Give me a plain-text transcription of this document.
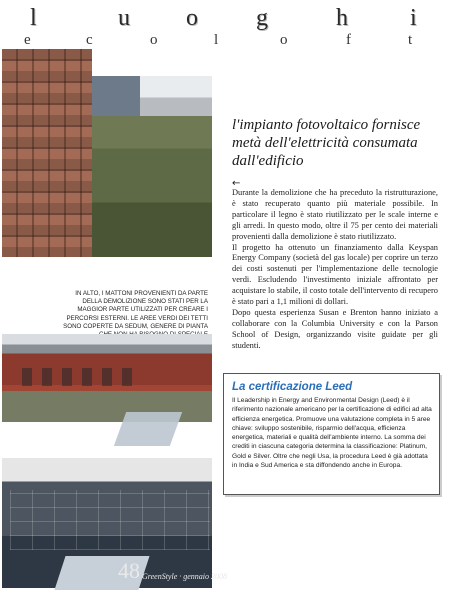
l	u o g	h	i
e	c	o	l	o	f	t
IN ALTO, I MATTONI PROVENIENTI DA PARTE DELLA DEMOLIZIONE SONO STATI PER LA MAGGIOR PARTE UTILIZZATI PER CREARE I PERCORSI ESTERNI. LE AREE VERDI DEI TETTI SONO COPERTE DA SEDUM, GENERE DI PIANTA
l'impianto fotovoltaico fornisce metà dell'elettricità consumata dall'edificio
←

Durante la demolizione che ha preceduto la ristrutturazione, è stato recuperato quanto più materiale possibile. In particolare il legno è stato riutilizzato per le scale interne e gli arredi. In questo modo, oltre il 75 per cento dei materiali provenienti dalla demolizione è stato riutilizzato.

Il progetto ha ottenuto un finanziamento dalla Keyspan Energy Company (società del gas locale) per coprire un terzo dei costi sostenuti per l'implementazione delle tecnologie verdi. Escludendo l'investimento iniziale affrontato per acquistare lo stabile, il costo totale dell'intervento di recupero è stato pari a 1,1 milioni di dollari.

Dopo questa esperienza Susan e Brenton hanno iniziato a collaborare con la Columbia University e con la Parson School of Design, organizzando visite guidate per gli studenti.

La certificazione Leed
Il Leadership in Energy and Environmental Design (Leed) è il riferimento nazionale americano per la certificazione di edifici ad alta efficienza energetica. Promuove una valutazione completa in 5 aree chiave: sviluppo sostenibile, risparmio dell'acqua, efficienza energetica, materiali e qualità dell'ambiente interno. La somma dei crediti in ciascuna categoria determina la classificazione: Platinum, Gold e Silver. Oltre che negli Usa, la procedura Leed è già adottata in India e Sud America e sta diffondendo anche in Europa.
48 GreenStyle · gennaio 2008
